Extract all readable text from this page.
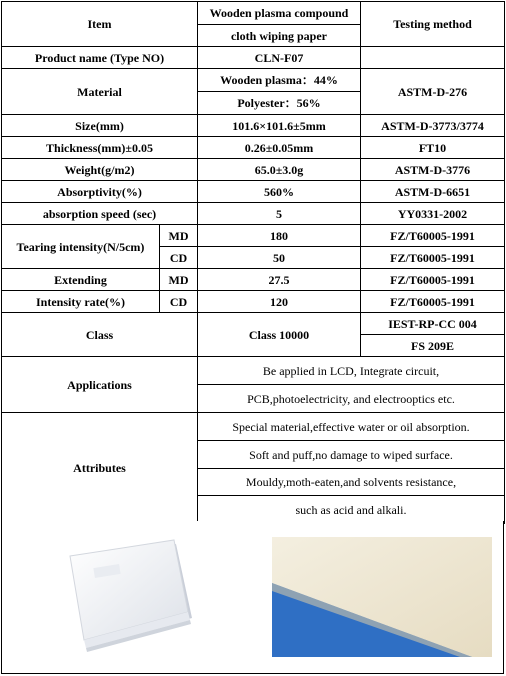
Item		Wooden plasma compound	Testing method
		cloth wiping paper	
Product name (Type NO)		CLN-F07	
Material		Wooden plasma：44%	ASTM-D-276
		Polyester：56%	
Size(mm)		101.6×101.6±5mm	ASTM-D-3773/3774
Thickness(mm)±0.05		0.26±0.05mm	FT10
Weight(g/m2)		65.0±3.0g	ASTM-D-3776
Absorptivity(%)		560%	ASTM-D-6651
absorption speed (sec)		5	YY0331-2002
Tearing intensity(N/5cm)	MD	180	FZ/T60005-1991
	CD	50	FZ/T60005-1991
Extending	MD	27.5	FZ/T60005-1991
Intensity rate(%)	CD	120	FZ/T60005-1991
Class		Class 10000	IEST-RP-CC 004
			FS 209E
Applications		Be applied in LCD, Integrate circuit,	
		PCB,photoelectricity, and electrooptics etc.	
Attributes		Special material,effective water or oil absorption.	
		Soft and puff,no damage to wiped surface.	
		Mouldy,moth-eaten,and solvents resistance,	
		such as acid and alkali.	
